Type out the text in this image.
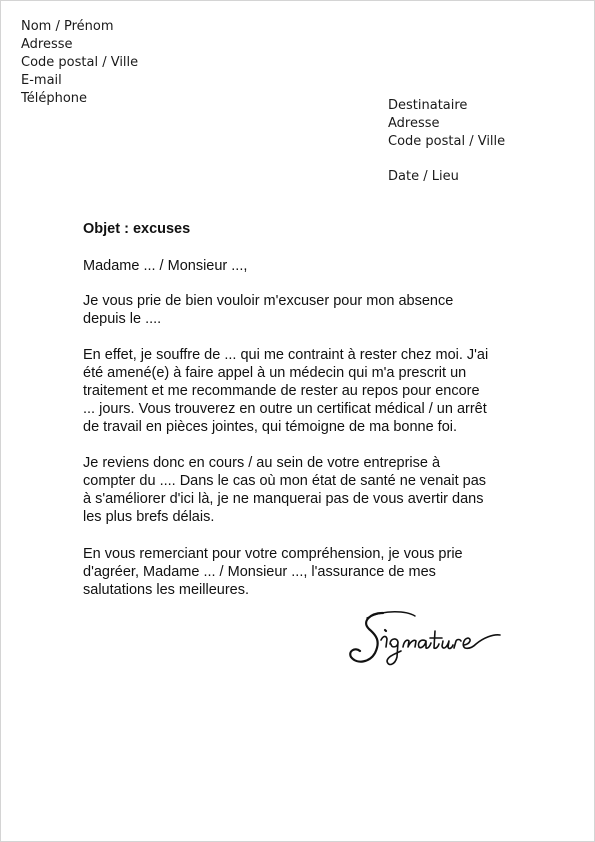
Nom / Prénom
Adresse
Code postal / Ville
E-mail
Téléphone	Destinataire
Adresse
Code postal / Ville
Date / Lieu
Objet : excuses
Madame ... / Monsieur ...,
Je vous prie de bien vouloir m'excuser pour mon absence
depuis le ....
En effet, je souffre de ... qui me contraint à rester chez moi. J'ai
été amené(e) à faire appel à un médecin qui m'a prescrit un
traitement et me recommande de rester au repos pour encore
... jours. Vous trouverez en outre un certificat médical / un arrêt
de travail en pièces jointes, qui témoigne de ma bonne foi.
Je reviens donc en cours / au sein de votre entreprise à
compter du .... Dans le cas où mon état de santé ne venait pas
à s'améliorer d'ici là, je ne manquerai pas de vous avertir dans
les plus brefs délais.
En vous remerciant pour votre compréhension, je vous prie
d'agréer, Madame ... / Monsieur ..., l'assurance de mes
salutations les meilleures.
